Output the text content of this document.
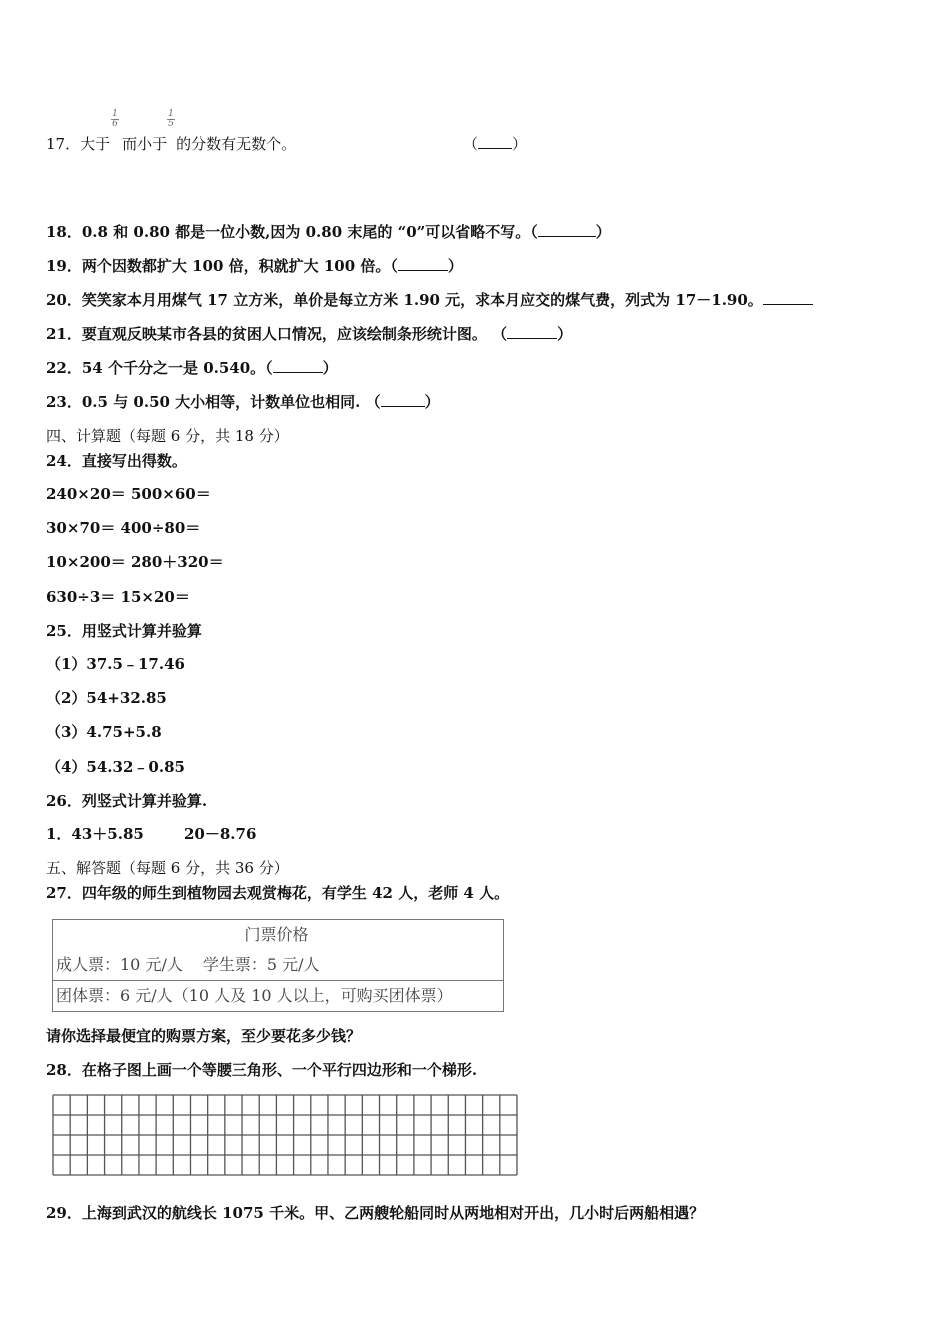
17．大于 而小于 的分数有无数个。
1
6
1
5
（ ）
18．0.8 和 0.80 都是一位小数,因为 0.80 末尾的 “0”可以省略不写。（	）
19．两个因数都扩大 100 倍，积就扩大 100 倍。（	）
20．笑笑家本月用煤气 17 立方米，单价是每立方米 1.90 元，求本月应交的煤气费，列式为 17－1.90。
21．要直观反映某市各县的贫困人口情况，应该绘制条形统计图。 （	）
22．54 个千分之一是 0.540。（	）
23．0.5 与 0.50 大小相等，计数单位也相同. （	）
四、计算题（每题 6 分，共 18 分）
24．直接写出得数。
240×20＝ 500×60＝
30×70＝ 400÷80＝
10×200＝ 280＋320＝
630÷3＝ 15×20＝
25．用竖式计算并验算
（1）37.5﹣17.46
（2）54+32.85
（3）4.75+5.8
（4）54.32﹣0.85
26．列竖式计算并验算.
1．43＋5.85	20－8.76
五、解答题（每题 6 分，共 36 分）
27．四年级的师生到植物园去观赏梅花，有学生 42 人，老师 4 人。
门票价格
成人票：10 元/人 学生票：5 元/人
团体票：6 元/人（10 人及 10 人以上，可购买团体票）
请你选择最便宜的购票方案，至少要花多少钱？
28．在格子图上画一个等腰三角形、一个平行四边形和一个梯形.
29．上海到武汉的航线长 1075 千米。甲、乙两艘轮船同时从两地相对开出，几小时后两船相遇？
